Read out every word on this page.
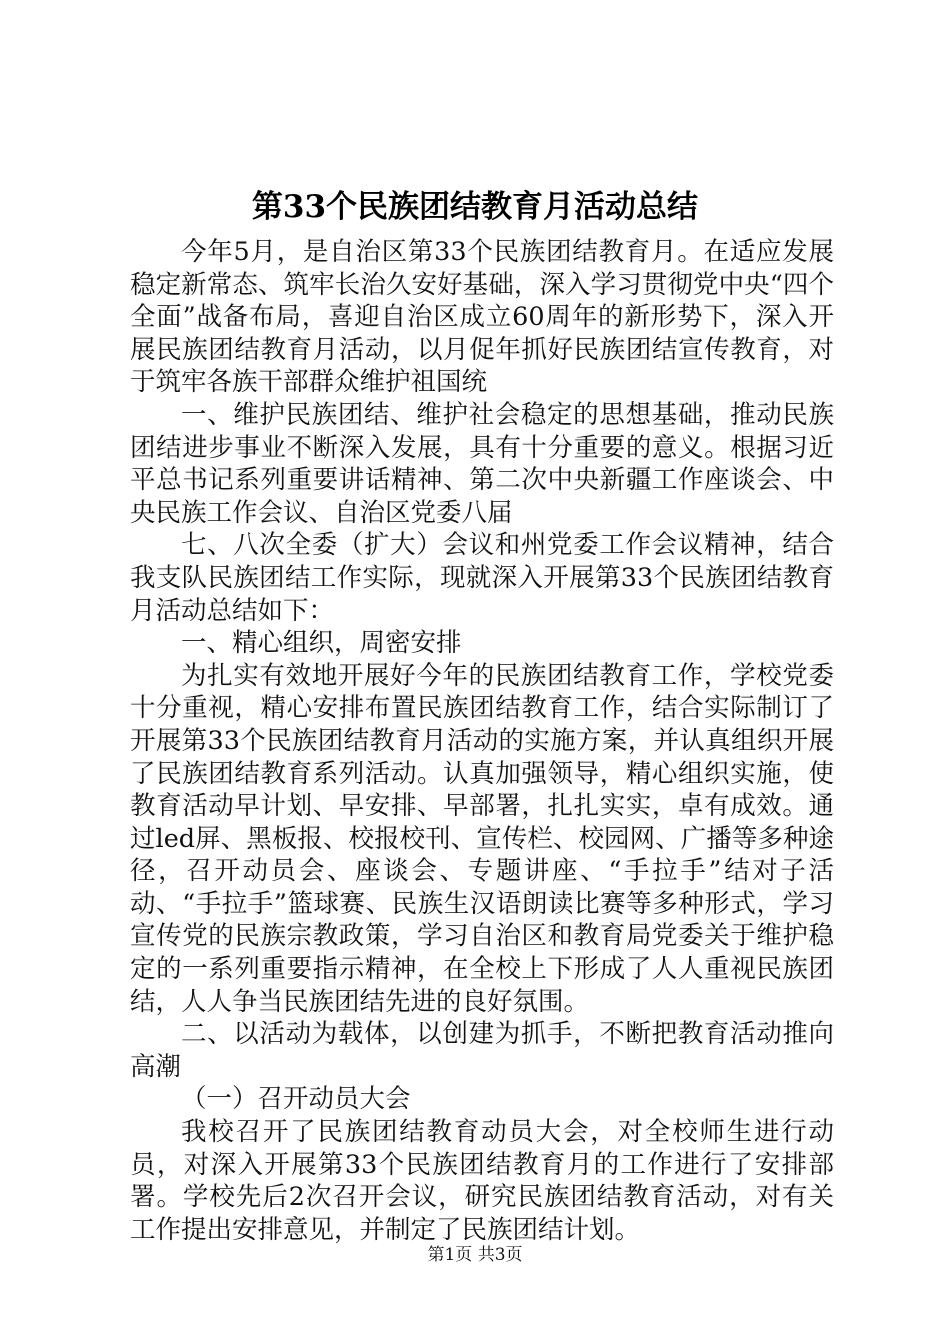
第33个民族团结教育月活动总结

今年5月，是自治区第33个民族团结教育月。在适应发展稳定新常态、筑牢长治久安好基础，深入学习贯彻党中央“四个全面”战备布局，喜迎自治区成立60周年的新形势下，深入开展民族团结教育月活动，以月促年抓好民族团结宣传教育，对于筑牢各族干部群众维护祖国统

一、维护民族团结、维护社会稳定的思想基础，推动民族团结进步事业不断深入发展，具有十分重要的意义。根据习近平总书记系列重要讲话精神、第二次中央新疆工作座谈会、中央民族工作会议、自治区党委八届

七、八次全委（扩大）会议和州党委工作会议精神，结合我支队民族团结工作实际，现就深入开展第33个民族团结教育月活动总结如下：

一、精心组织，周密安排

为扎实有效地开展好今年的民族团结教育工作，学校党委十分重视，精心安排布置民族团结教育工作，结合实际制订了开展第33个民族团结教育月活动的实施方案，并认真组织开展了民族团结教育系列活动。认真加强领导，精心组织实施，使教育活动早计划、早安排、早部署，扎扎实实，卓有成效。通过led屏、黑板报、校报校刊、宣传栏、校园网、广播等多种途径，召开动员会、座谈会、专题讲座、“手拉手”结对子活动、“手拉手”篮球赛、民族生汉语朗读比赛等多种形式，学习宣传党的民族宗教政策，学习自治区和教育局党委关于维护稳定的一系列重要指示精神，在全校上下形成了人人重视民族团结，人人争当民族团结先进的良好氛围。

二、以活动为载体，以创建为抓手，不断把教育活动推向高潮

（一）召开动员大会

我校召开了民族团结教育动员大会，对全校师生进行动员，对深入开展第33个民族团结教育月的工作进行了安排部署。学校先后2次召开会议，研究民族团结教育活动，对有关工作提出安排意见，并制定了民族团结计划。

第1页 共3页
